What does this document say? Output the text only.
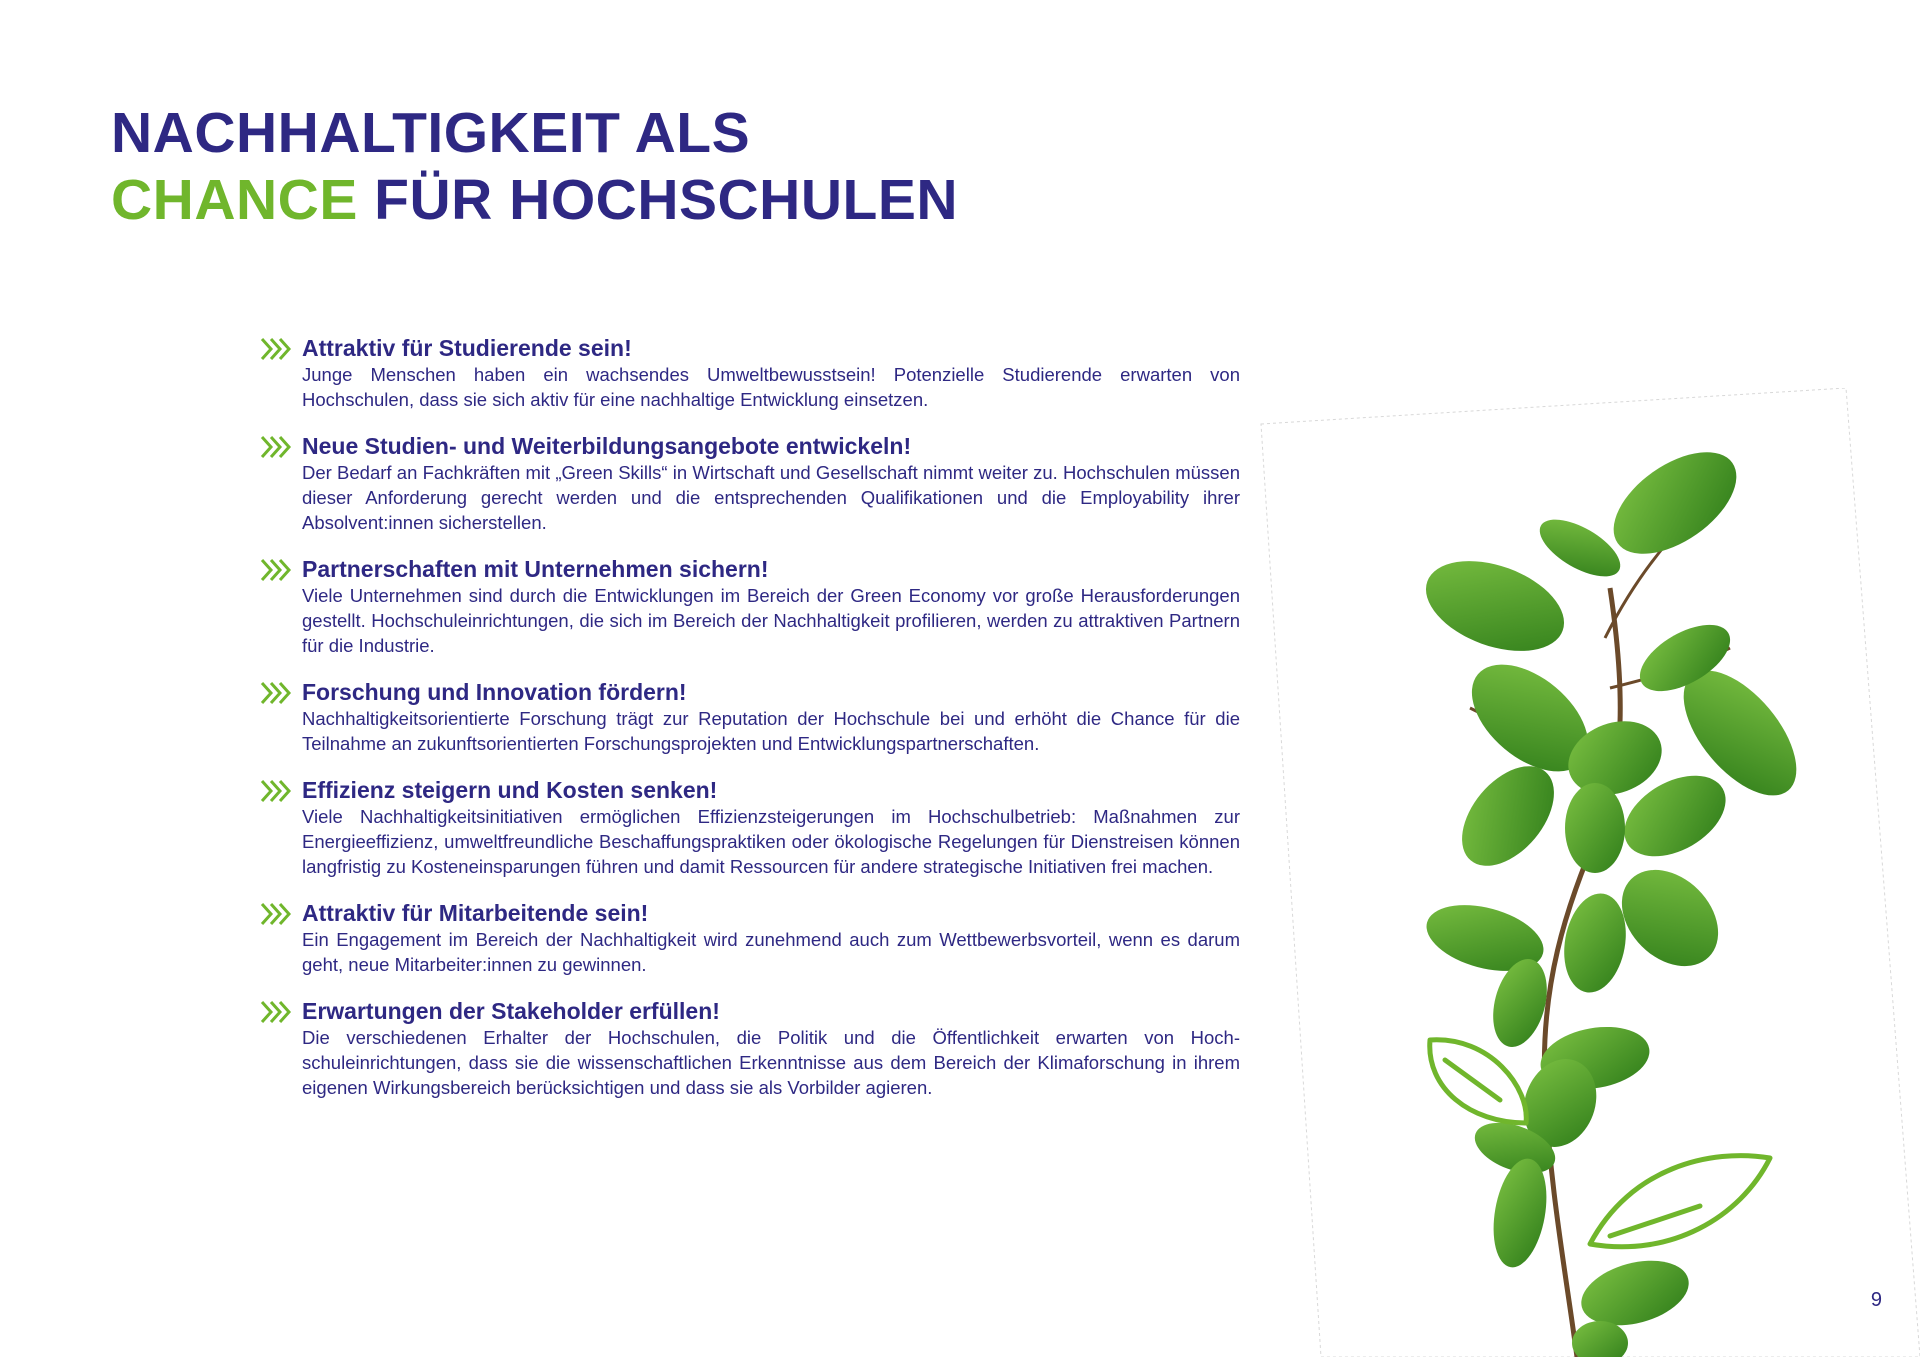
NACHHALTIGKEIT ALS
CHANCE FÜR HOCHSCHULEN

Attraktiv für Studierende sein!

Junge Menschen haben ein wachsendes Umweltbewusstsein! Potenzielle Studierende erwarten von Hochschulen, dass sie sich aktiv für eine nachhaltige Entwicklung einsetzen.

Neue Studien- und Weiterbildungsangebote entwickeln!

Der Bedarf an Fachkräften mit „Green Skills“ in Wirtschaft und Gesellschaft nimmt weiter zu. Hochschulen müssen dieser Anforderung gerecht werden und die entsprechenden Qualifikationen und die Employability ihrer Absolvent:innen sicherstellen.

Partnerschaften mit Unternehmen sichern!

Viele Unternehmen sind durch die Entwicklungen im Bereich der Green Economy vor große Herausforderungen gestellt. Hochschuleinrichtungen, die sich im Bereich der Nachhaltigkeit profilieren, werden zu attraktiven Partnern für die Industrie.

Forschung und Innovation fördern!

Nachhaltigkeitsorientierte Forschung trägt zur Reputation der Hochschule bei und erhöht die Chance für die Teilnahme an zukunftsorientierten Forschungsprojekten und Entwicklungspartnerschaften.

Effizienz steigern und Kosten senken!

Viele Nachhaltigkeitsinitiativen ermöglichen Effizienzsteigerungen im Hochschulbetrieb: Maßnahmen zur Energieeffizienz, umweltfreundliche Beschaffungspraktiken oder ökologische Regelungen für Dienstreisen können langfristig zu Kosteneinsparungen führen und damit Ressourcen für andere strategische Initiativen frei machen.

Attraktiv für Mitarbeitende sein!

Ein Engagement im Bereich der Nachhaltigkeit wird zunehmend auch zum Wettbewerbsvorteil, wenn es darum geht, neue Mitarbeiter:innen zu gewinnen.

Erwartungen der Stakeholder erfüllen!

Die verschiedenen Erhalter der Hochschulen, die Politik und die Öffentlichkeit erwarten von Hochschuleinrichtungen, dass sie die wissenschaftlichen Erkenntnisse aus dem Bereich der Klimaforschung in ihrem eigenen Wirkungsbereich berücksichtigen und dass sie als Vorbilder agieren.

9
